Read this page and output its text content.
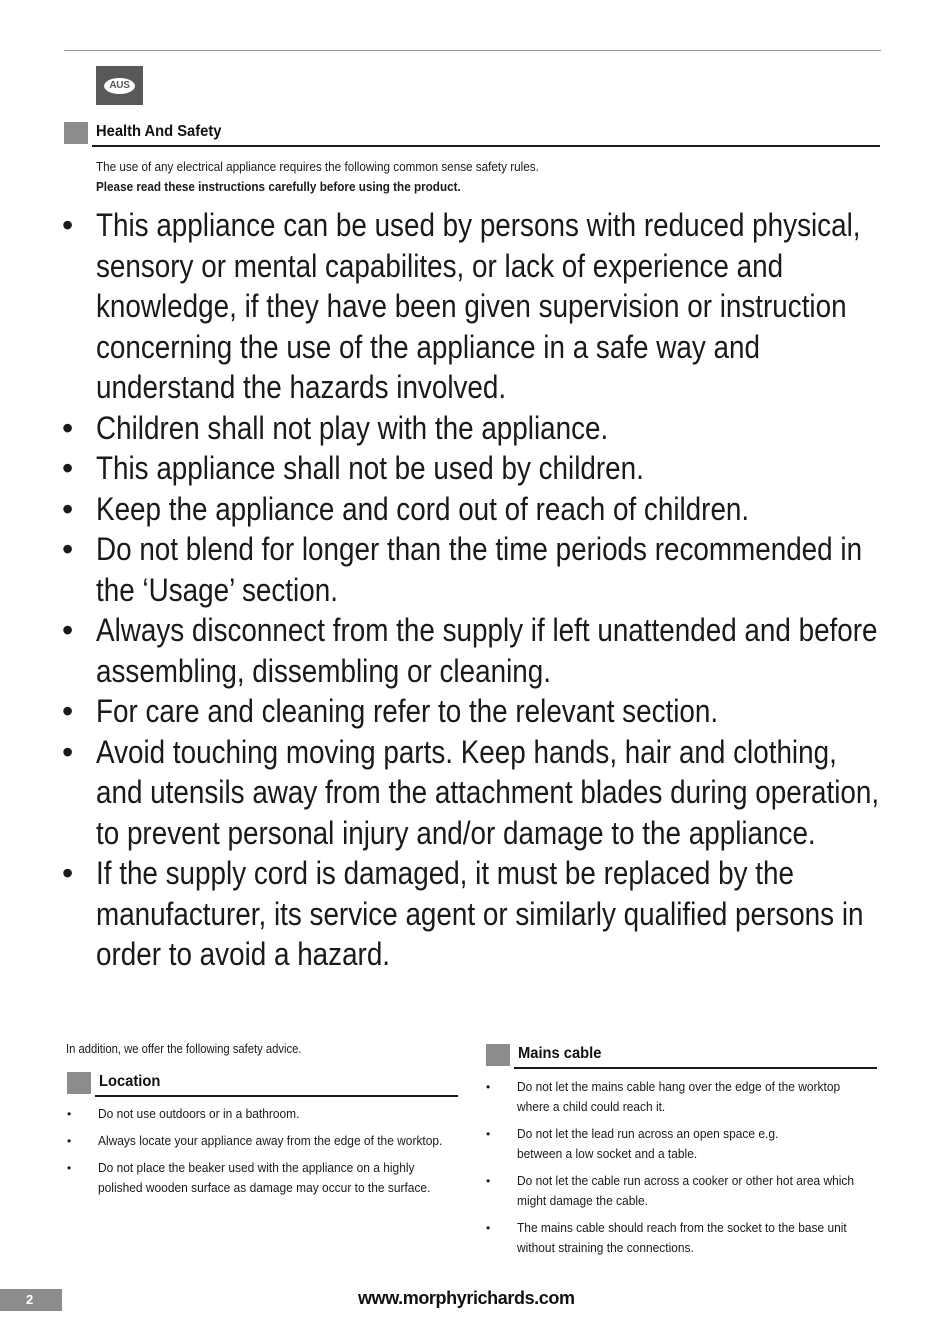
AUS
Health And Safety
The use of any electrical appliance requires the following common sense safety rules.
Please read these instructions carefully before using the product.
• This appliance can be used by persons with reduced physical, sensory or mental capabilites, or lack of experience and knowledge, if they have been given supervision or instruction concerning the use of the appliance in a safe way and understand the hazards involved.
• Children shall not play with the appliance.
• This appliance shall not be used by children.
• Keep the appliance and cord out of reach of children.
• Do not blend for longer than the time periods recommended in the ‘Usage’ section.
• Always disconnect from the supply if left unattended and before assembling, dissembling or cleaning.
• For care and cleaning refer to the relevant section.
• Avoid touching moving parts. Keep hands, hair and clothing, and utensils away from the attachment blades during operation, to prevent personal injury and/or damage to the appliance.
• If the supply cord is damaged, it must be replaced by the manufacturer, its service agent or similarly qualified persons in order to avoid a hazard.
In addition, we offer the following safety advice.
Location
• Do not use outdoors or in a bathroom.
• Always locate your appliance away from the edge of the worktop.
• Do not place the beaker used with the appliance on a highly
polished wooden surface as damage may occur to the surface.
Mains cable
• Do not let the mains cable hang over the edge of the worktop
where a child could reach it.
• Do not let the lead run across an open space e.g.
between a low socket and a table.
• Do not let the cable run across a cooker or other hot area which
might damage the cable.
• The mains cable should reach from the socket to the base unit
without straining the connections.
2	www.morphyrichards.com
